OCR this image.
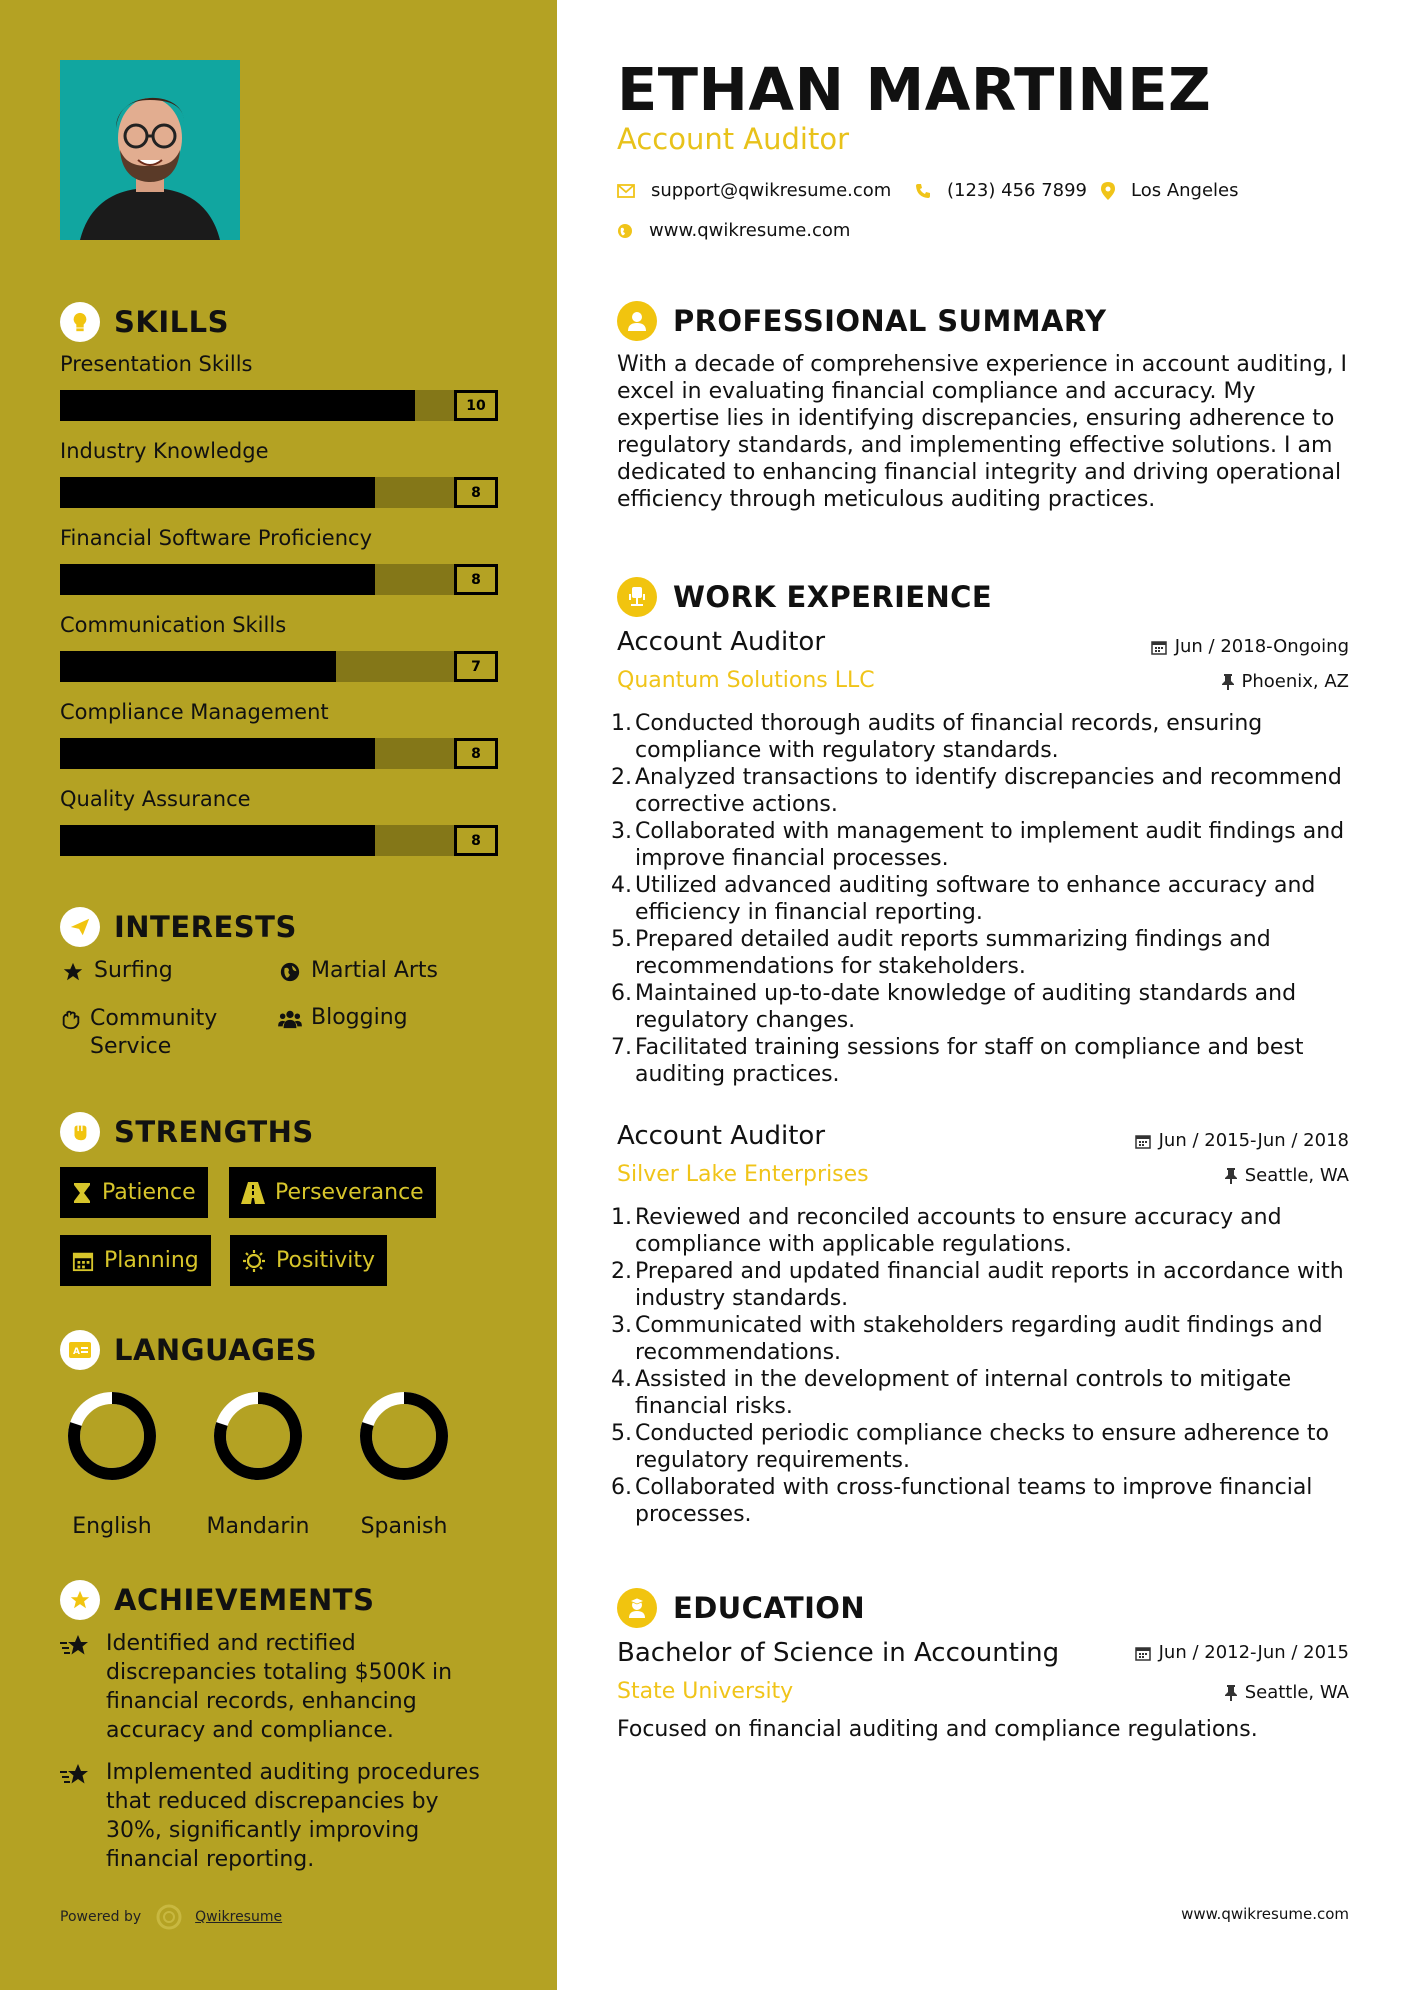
SKILLS
Presentation Skills
10
Industry Knowledge
8
Financial Software Proficiency
8
Communication Skills
7
Compliance Management
8
Quality Assurance
8
INTERESTS
Surfing	Martial Arts
Community Service
Blogging
STRENGTHS
Patience	Perseverance
Planning	Positivity
A LANGUAGES
English	Mandarin	Spanish
ACHIEVEMENTS
Identified and rectified discrepancies totaling $500K in financial records, enhancing accuracy and compliance.
Implemented auditing procedures that reduced discrepancies by 30%, significantly improving financial reporting.
Powered by	Qwikresume
ETHAN MARTINEZ
Account Auditor
support@qwikresume.com	(123) 456 7899 Los Angeles
www.qwikresume.com
PROFESSIONAL SUMMARY
With a decade of comprehensive experience in account auditing, I excel in evaluating financial compliance and accuracy. My expertise lies in identifying discrepancies, ensuring adherence to regulatory standards, and implementing effective solutions. I am dedicated to enhancing financial integrity and driving operational efficiency through meticulous auditing practices.
WORK EXPERIENCE
Account Auditor	Jun / 2018-Ongoing
Quantum Solutions LLC	Phoenix, AZ
1. Conducted thorough audits of financial records, ensuring compliance with regulatory standards.
2. Analyzed transactions to identify discrepancies and recommend corrective actions.
3. Collaborated with management to implement audit findings and improve financial processes.
4. Utilized advanced auditing software to enhance accuracy and efficiency in financial reporting.
5. Prepared detailed audit reports summarizing findings and recommendations for stakeholders.
6. Maintained up-to-date knowledge of auditing standards and regulatory changes.
7. Facilitated training sessions for staff on compliance and best auditing practices.
Account Auditor	Jun / 2015-Jun / 2018
Silver Lake Enterprises	Seattle, WA
1. Reviewed and reconciled accounts to ensure accuracy and compliance with applicable regulations.
2. Prepared and updated financial audit reports in accordance with industry standards.
3. Communicated with stakeholders regarding audit findings and recommendations.
4. Assisted in the development of internal controls to mitigate financial risks.
5. Conducted periodic compliance checks to ensure adherence to regulatory requirements.
6. Collaborated with cross-functional teams to improve financial processes.
EDUCATION
Bachelor of Science in Accounting	Jun / 2012-Jun / 2015
State University	Seattle, WA
Focused on financial auditing and compliance regulations.
www.qwikresume.com
